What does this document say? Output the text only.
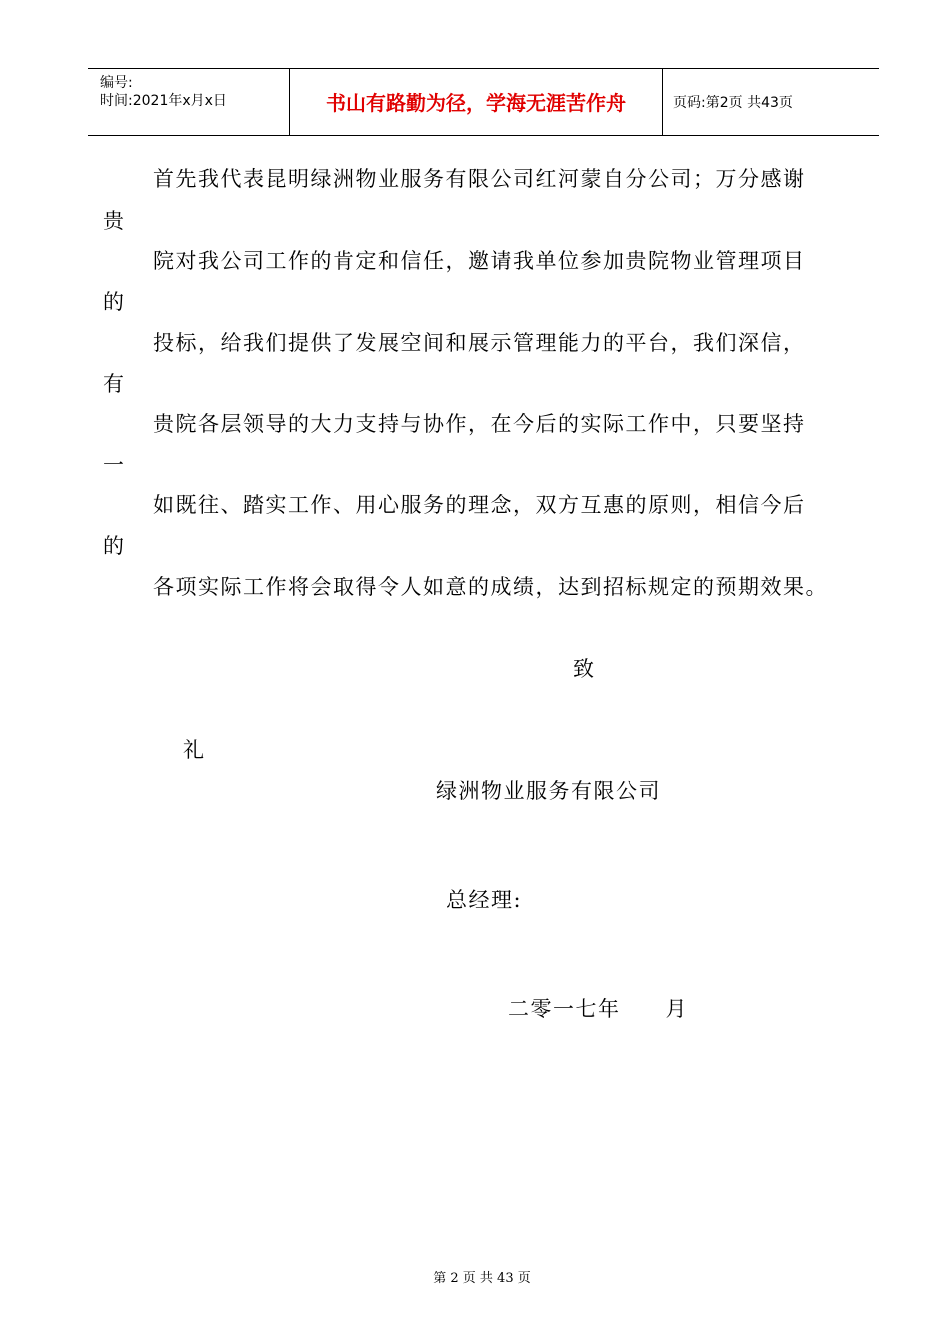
编号:
时间:2021年x月x日	书山有路勤为径，学海无涯苦作舟	页码:第2页 共43页
首先我代表昆明绿洲物业服务有限公司红河蒙自分公司；万分感谢
贵
院对我公司工作的肯定和信任，邀请我单位参加贵院物业管理项目
的
投标，给我们提供了发展空间和展示管理能力的平台，我们深信，
有
贵院各层领导的大力支持与协作，在今后的实际工作中，只要坚持
一
如既往、踏实工作、用心服务的理念，双方互惠的原则，相信今后
的
各项实际工作将会取得令人如意的成绩，达到招标规定的预期效果。
致
礼
绿洲物业服务有限公司
总经理:
二零一七年　　月
第 2 页 共 43 页
